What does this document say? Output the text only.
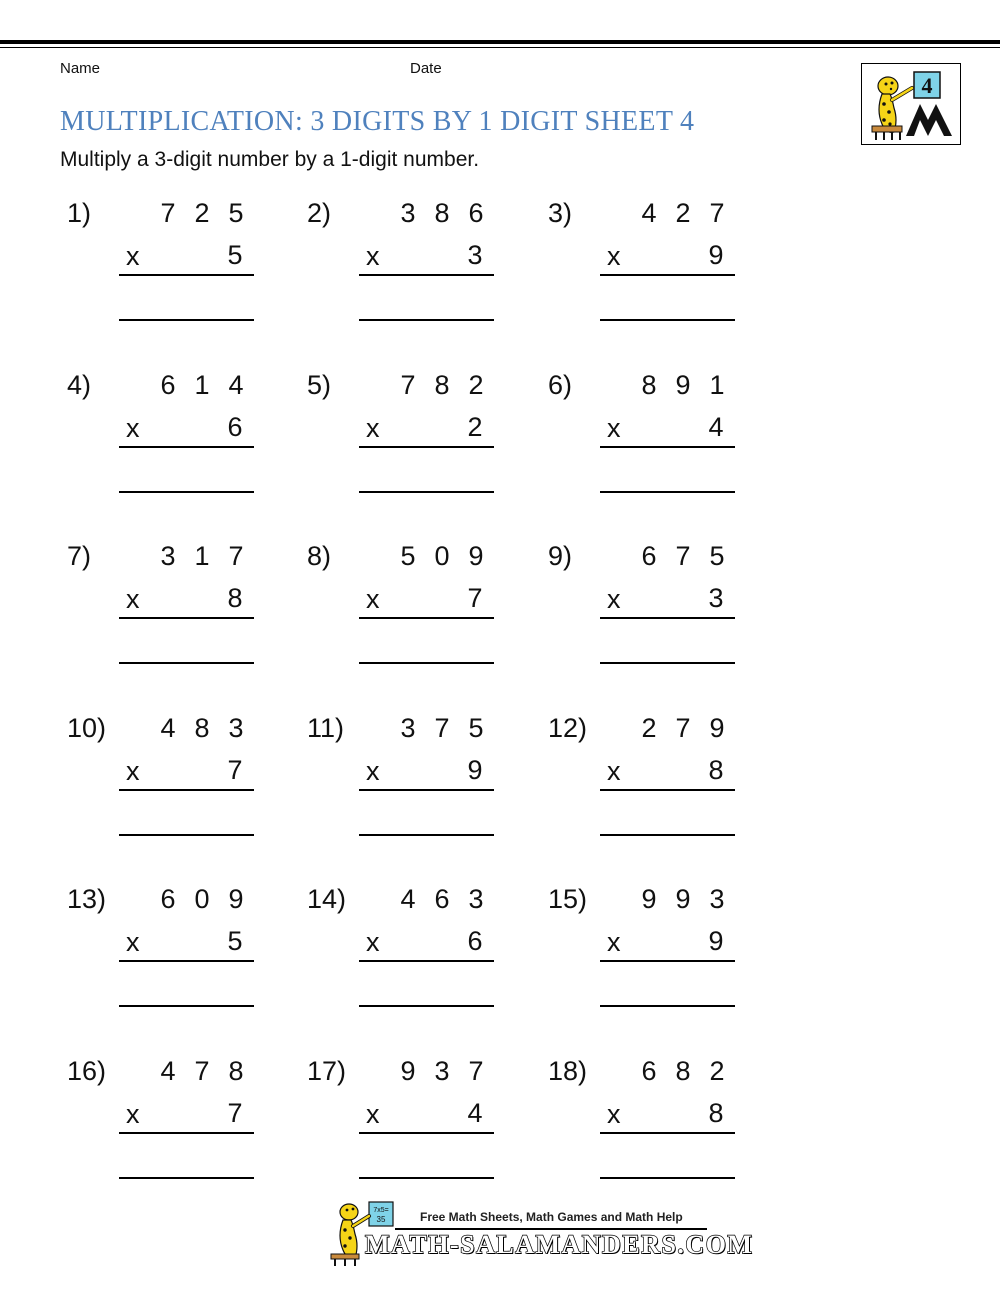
Name	Date
MULTIPLICATION: 3 DIGITS BY 1 DIGIT SHEET 4
Multiply a 3-digit number by a 1-digit number.
4
1)	7 2 5
x	5
2)	3 8 6
x	3
3)	4 2 7
x	9
4)	6 1 4
x	6
5)	7 8 2
x	2
6)	8 9 1
x	4
7)	3 1 7
x	8
8)	5 0 9
x	7
9)	6 7 5
x	3
10) 4 8 3
x	7
11) 3 7 5
x	9
12) 2 7 9
x	8
13) 6 0 9
x	5
14) 4 6 3
x	6
15) 9 9 3
x	9
16) 4 7 8
x	7
17) 9 3 7
x	4
18) 6 8 2
x	8
7x5=
35	Free Math Sheets, Math Games and Math Help
MATH-SALAMANDERS.COM
